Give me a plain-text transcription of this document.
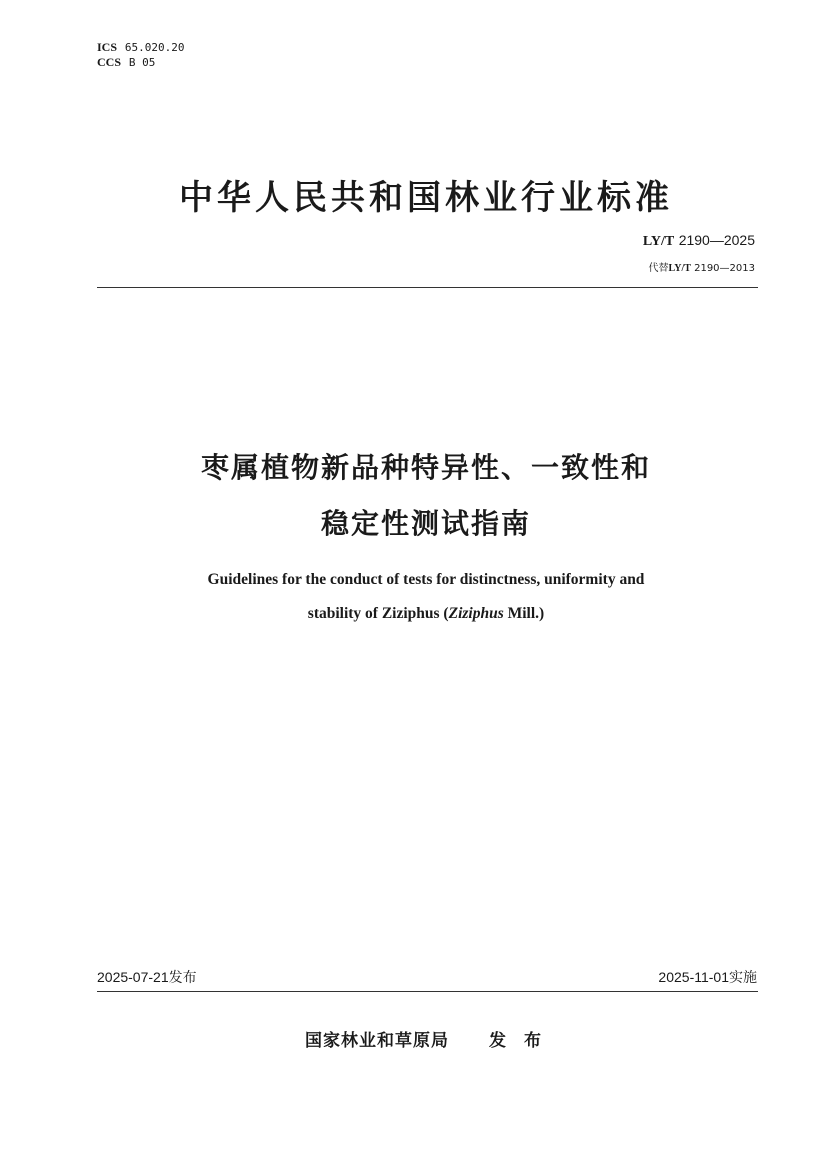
ICS 65.020.20
CCS B 05
中华人民共和国林业行业标准
LY/T 2190—2025
代替LY/T 2190—2013
枣属植物新品种特异性、一致性和
稳定性测试指南
Guidelines for the conduct of tests for distinctness, uniformity and
stability of Ziziphus (Ziziphus Mill.)
2025-07-21发布	2025-11-01实施
国家林业和草原局 发 布
